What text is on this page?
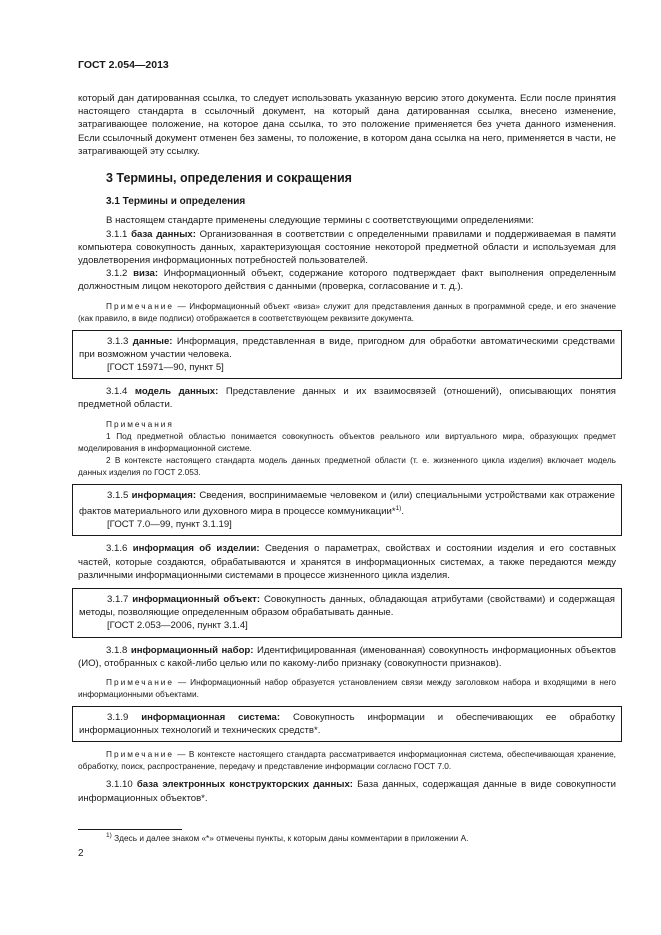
ГОСТ 2.054—2013

который дан датированная ссылка, то следует использовать указанную версию этого документа. Если после принятия настоящего стандарта в ссылочный документ, на который дана датированная ссылка, внесено изменение, затрагивающее положение, на которое дана ссылка, то это положение применяется без учета данного изменения. Если ссылочный документ отменен без замены, то положение, в котором дана ссылка на него, применяется в части, не затрагивающей эту ссылку.

3 Термины, определения и сокращения
3.1 Термины и определения

В настоящем стандарте применены следующие термины с соответствующими определениями:

3.1.1 база данных: Организованная в соответствии с определенными правилами и поддерживаемая в памяти компьютера совокупность данных, характеризующая состояние некоторой предметной области и используемая для удовлетворения информационных потребностей пользователей.

3.1.2 виза: Информационный объект, содержание которого подтверждает факт выполнения определенным должностным лицом некоторого действия с данными (проверка, согласование и т. д.).

Примечание — Информационный объект «виза» служит для представления данных в программной среде, и его значение (как правило, в виде подписи) отображается в соответствующем реквизите документа.

3.1.3 данные: Информация, представленная в виде, пригодном для обработки автоматическими средствами при возможном участии человека.

[ГОСТ 15971—90, пункт 5]

3.1.4 модель данных: Представление данных и их взаимосвязей (отношений), описывающих понятия предметной области.

Примечания

1 Под предметной областью понимается совокупность объектов реального или виртуального мира, образующих предмет моделирования в информационной системе.

2 В контексте настоящего стандарта модель данных предметной области (т. е. жизненного цикла изделия) включает модель данных изделия по ГОСТ 2.053.

3.1.5 информация: Сведения, воспринимаемые человеком и (или) специальными устройствами как отражение фактов материального или духовного мира в процессе коммуникации*$^{1)}$.

[ГОСТ 7.0—99, пункт 3.1.19]

3.1.6 информация об изделии: Сведения о параметрах, свойствах и состоянии изделия и его составных частей, которые создаются, обрабатываются и хранятся в информационных системах, а также передаются между различными информационными системами в процессе жизненного цикла изделия.

3.1.7 информационный объект: Совокупность данных, обладающая атрибутами (свойствами) и содержащая методы, позволяющие определенным образом обрабатывать данные.

[ГОСТ 2.053—2006, пункт 3.1.4]

3.1.8 информационный набор: Идентифицированная (именованная) совокупность информационных объектов (ИО), отобранных с какой-либо целью или по какому-либо признаку (совокупности признаков).

Примечание — Информационный набор образуется установлением связи между заголовком набора и входящими в него информационными объектами.

3.1.9 информационная система: Совокупность информации и обеспечивающих ее обработку информационных технологий и технических средств*.

Примечание — В контексте настоящего стандарта рассматривается информационная система, обеспечивающая хранение, обработку, поиск, распространение, передачу и представление информации согласно ГОСТ 7.0.

3.1.10 база электронных конструкторских данных: База данных, содержащая данные в виде совокупности информационных объектов*.

$^{1)}$ Здесь и далее знаком «*» отмечены пункты, к которым даны комментарии в приложении А.
2
